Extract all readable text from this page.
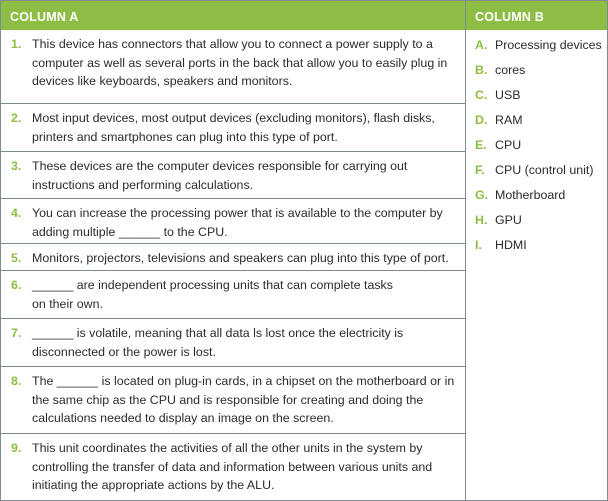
COLUMN A	COLUMN B
1. This device has connectors that allow you to connect a power supply to a computer as well as several ports in the back that allow you to easily plug in devices like keyboards, speakers and monitors.
2. Most input devices, most output devices (excluding monitors), flash disks, printers and smartphones can plug into this type of port.
3. These devices are the computer devices responsible for carrying out instructions and performing calculations.
4. You can increase the processing power that is available to the computer by adding multiple ______ to the CPU.
5. Monitors, projectors, televisions and speakers can plug into this type of port.
6. ______ are independent processing units that can complete tasks on their own.
7. ______ is volatile, meaning that all data ls lost once the electricity is disconnected or the power is lost.
8. The ______ is located on plug-in cards, in a chipset on the motherboard or in the same chip as the CPU and is responsible for creating and doing the calculations needed to display an image on the screen.
9. This unit coordinates the activities of all the other units in the system by controlling the transfer of data and information between various units and initiating the appropriate actions by the ALU.
A. Processing devices
B. cores
C. USB
D. RAM
E. CPU
F. CPU (control unit)
G. Motherboard
H. GPU
I. HDMI
